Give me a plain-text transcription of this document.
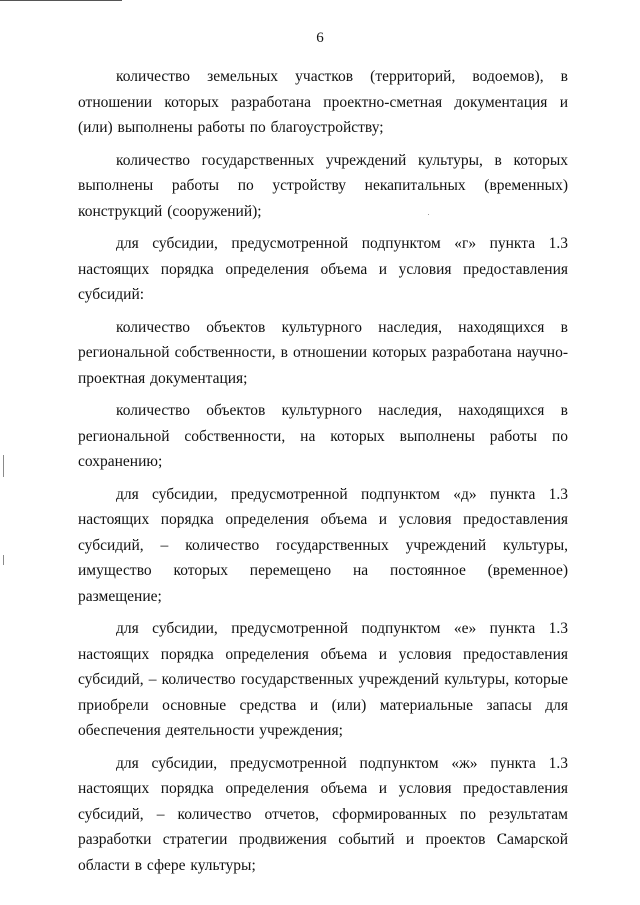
6

количество земельных участков (территорий, водоемов), в отношении которых разработана проектно-сметная документация и (или) выполнены работы по благоустройству;

количество государственных учреждений культуры, в которых выполнены работы по устройству некапитальных (временных) конструкций (сооружений);

для субсидии, предусмотренной подпунктом «г» пункта 1.3 настоящих порядка определения объема и условия предоставления субсидий:

количество объектов культурного наследия, находящихся в региональной собственности, в отношении которых разработана научно-проектная документация;

количество объектов культурного наследия, находящихся в региональной собственности, на которых выполнены работы по сохранению;

для субсидии, предусмотренной подпунктом «д» пункта 1.3 настоящих порядка определения объема и условия предоставления субсидий, – количество государственных учреждений культуры, имущество которых перемещено на постоянное (временное) размещение;

для субсидии, предусмотренной подпунктом «е» пункта 1.3 настоящих порядка определения объема и условия предоставления субсидий, – количество государственных учреждений культуры, которые приобрели основные средства и (или) материальные запасы для обеспечения деятельности учреждения;

для субсидии, предусмотренной подпунктом «ж» пункта 1.3 настоящих порядка определения объема и условия предоставления субсидий, – количество отчетов, сформированных по результатам разработки стратегии продвижения событий и проектов Самарской области в сфере культуры;
